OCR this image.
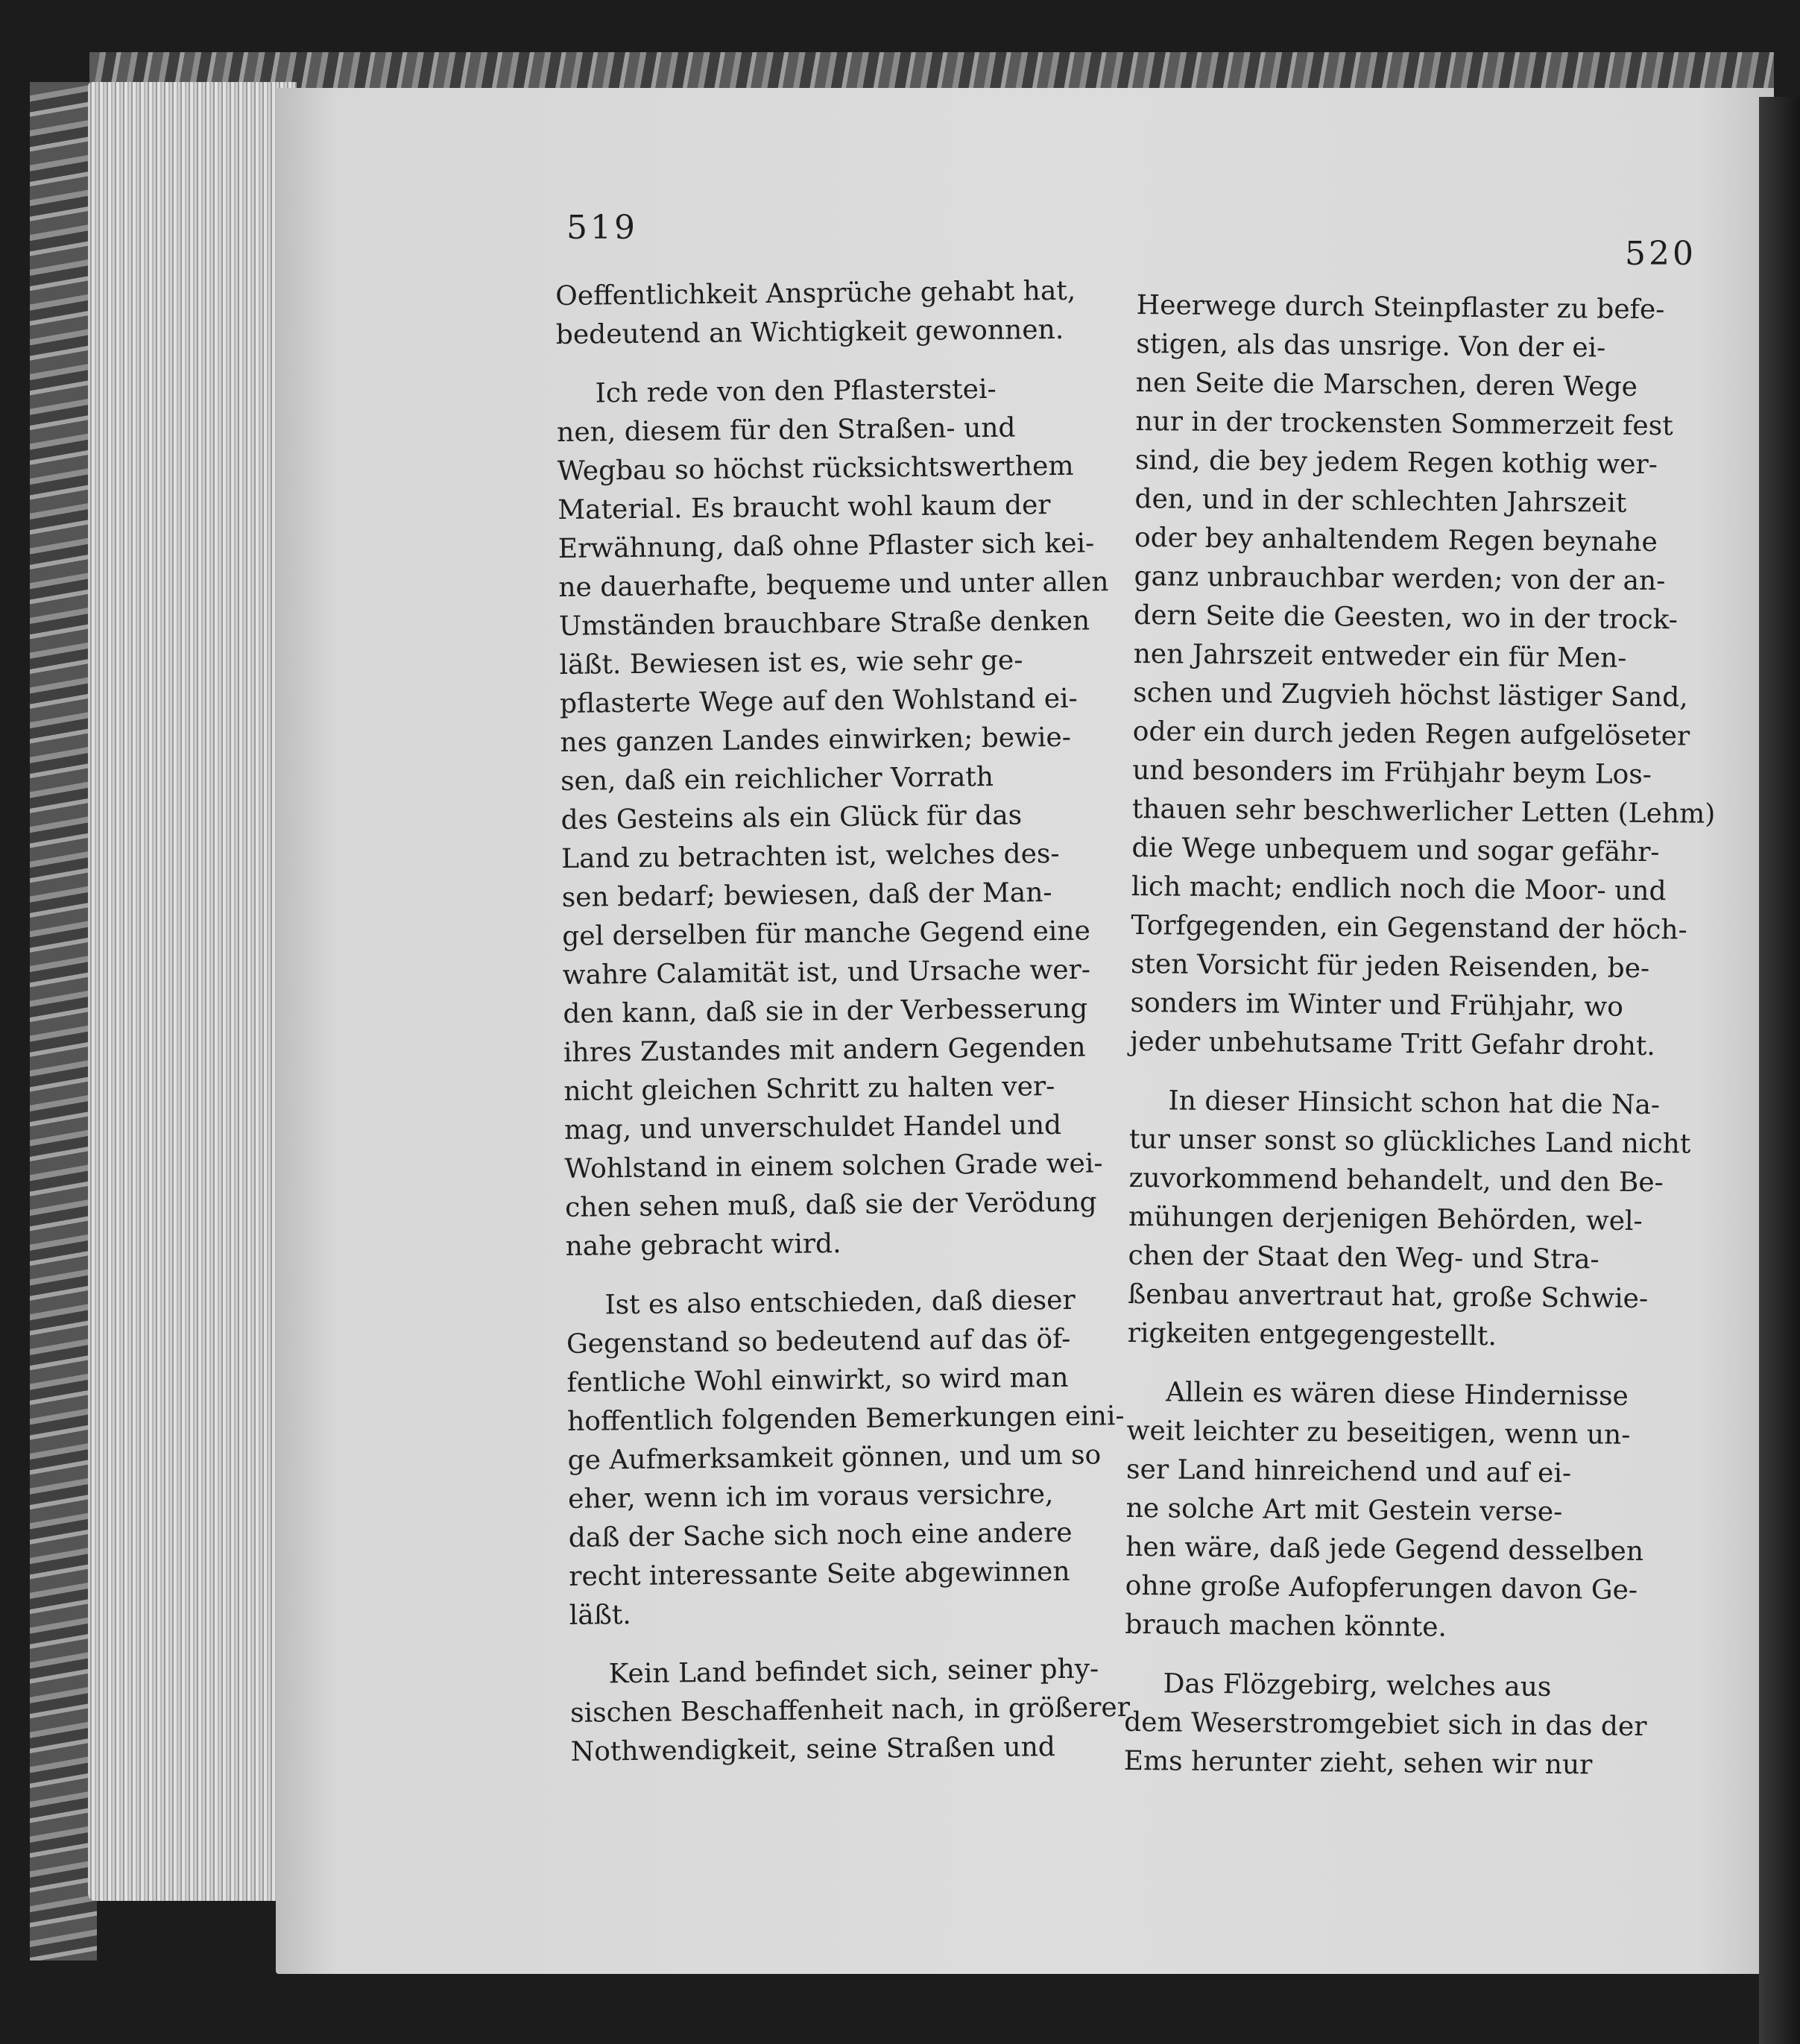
519
520
Oeffentlichkeit Ansprüche gehabt hat,
bedeutend an Wichtigkeit gewonnen.
Ich rede von den Pflasterstei-
nen, diesem für den Straßen- und
Wegbau so höchst rücksichtswerthem
Material. Es braucht wohl kaum der
Erwähnung, daß ohne Pflaster sich kei-
ne dauerhafte, bequeme und unter allen
Umständen brauchbare Straße denken
läßt. Bewiesen ist es, wie sehr ge-
pflasterte Wege auf den Wohlstand ei-
nes ganzen Landes einwirken; bewie-
sen, daß ein reichlicher Vorrath
des Gesteins als ein Glück für das
Land zu betrachten ist, welches des-
sen bedarf; bewiesen, daß der Man-
gel derselben für manche Gegend eine
wahre Calamität ist, und Ursache wer-
den kann, daß sie in der Verbesserung
ihres Zustandes mit andern Gegenden
nicht gleichen Schritt zu halten ver-
mag, und unverschuldet Handel und
Wohlstand in einem solchen Grade wei-
chen sehen muß, daß sie der Verödung
nahe gebracht wird.
Ist es also entschieden, daß dieser
Gegenstand so bedeutend auf das öf-
fentliche Wohl einwirkt, so wird man
hoffentlich folgenden Bemerkungen eini-
ge Aufmerksamkeit gönnen, und um so
eher, wenn ich im voraus versichre,
daß der Sache sich noch eine andere
recht interessante Seite abgewinnen
läßt.
Kein Land befindet sich, seiner phy-
sischen Beschaffenheit nach, in größerer
Nothwendigkeit, seine Straßen und
Heerwege durch Steinpflaster zu befe-
stigen, als das unsrige. Von der ei-
nen Seite die Marschen, deren Wege
nur in der trockensten Sommerzeit fest
sind, die bey jedem Regen kothig wer-
den, und in der schlechten Jahrszeit
oder bey anhaltendem Regen beynahe
ganz unbrauchbar werden; von der an-
dern Seite die Geesten, wo in der trock-
nen Jahrszeit entweder ein für Men-
schen und Zugvieh höchst lästiger Sand,
oder ein durch jeden Regen aufgelöseter
und besonders im Frühjahr beym Los-
thauen sehr beschwerlicher Letten (Lehm)
die Wege unbequem und sogar gefähr-
lich macht; endlich noch die Moor- und
Torfgegenden, ein Gegenstand der höch-
sten Vorsicht für jeden Reisenden, be-
sonders im Winter und Frühjahr, wo
jeder unbehutsame Tritt Gefahr droht.
In dieser Hinsicht schon hat die Na-
tur unser sonst so glückliches Land nicht
zuvorkommend behandelt, und den Be-
mühungen derjenigen Behörden, wel-
chen der Staat den Weg- und Stra-
ßenbau anvertraut hat, große Schwie-
rigkeiten entgegengestellt.
Allein es wären diese Hindernisse
weit leichter zu beseitigen, wenn un-
ser Land hinreichend und auf ei-
ne solche Art mit Gestein verse-
hen wäre, daß jede Gegend desselben
ohne große Aufopferungen davon Ge-
brauch machen könnte.
Das Flözgebirg, welches aus
dem Weserstromgebiet sich in das der
Ems herunter zieht, sehen wir nur
